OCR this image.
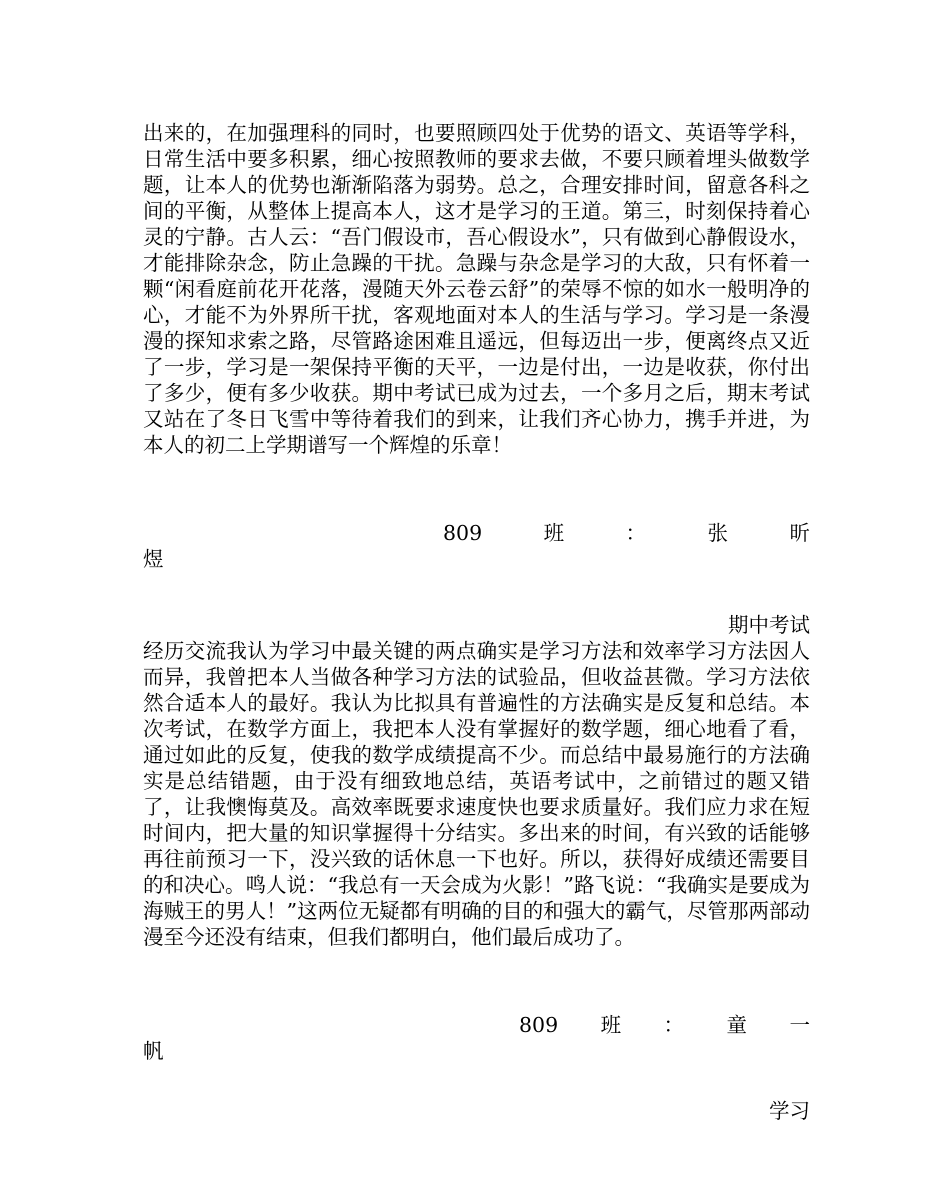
出来的，在加强理科的同时，也要照顾四处于优势的语文、英语等学科，日常生活中要多积累，细心按照教师的要求去做，不要只顾着埋头做数学题，让本人的优势也渐渐陷落为弱势。总之，合理安排时间，留意各科之间的平衡，从整体上提高本人，这才是学习的王道。第三，时刻保持着心灵的宁静。古人云：“吾门假设市，吾心假设水”，只有做到心静假设水，才能排除杂念，防止急躁的干扰。急躁与杂念是学习的大敌，只有怀着一颗“闲看庭前花开花落，漫随天外云卷云舒”的荣辱不惊的如水一般明净的心，才能不为外界所干扰，客观地面对本人的生活与学习。学习是一条漫漫的探知求索之路，尽管路途困难且遥远，但每迈出一步，便离终点又近了一步，学习是一架保持平衡的天平，一边是付出，一边是收获，你付出了多少，便有多少收获。期中考试已成为过去，一个多月之后，期末考试又站在了冬日飞雪中等待着我们的到来，让我们齐心协力，携手并进，为本人的初二上学期谱写一个辉煌的乐章！

809	班	：	张	昕
煜

期中考试

经历交流我认为学习中最关键的两点确实是学习方法和效率学习方法因人而异，我曾把本人当做各种学习方法的试验品，但收益甚微。学习方法依然合适本人的最好。我认为比拟具有普遍性的方法确实是反复和总结。本次考试，在数学方面上，我把本人没有掌握好的数学题，细心地看了看，通过如此的反复，使我的数学成绩提高不少。而总结中最易施行的方法确实是总结错题，由于没有细致地总结，英语考试中，之前错过的题又错了，让我懊悔莫及。高效率既要求速度快也要求质量好。我们应力求在短时间内，把大量的知识掌握得十分结实。多出来的时间，有兴致的话能够再往前预习一下，没兴致的话休息一下也好。所以，获得好成绩还需要目的和决心。鸣人说：“我总有一天会成为火影！”路飞说：“我确实是要成为海贼王的男人！”这两位无疑都有明确的目的和强大的霸气，尽管那两部动漫至今还没有结束，但我们都明白，他们最后成功了。

809 班 ： 童 一
帆

学习
